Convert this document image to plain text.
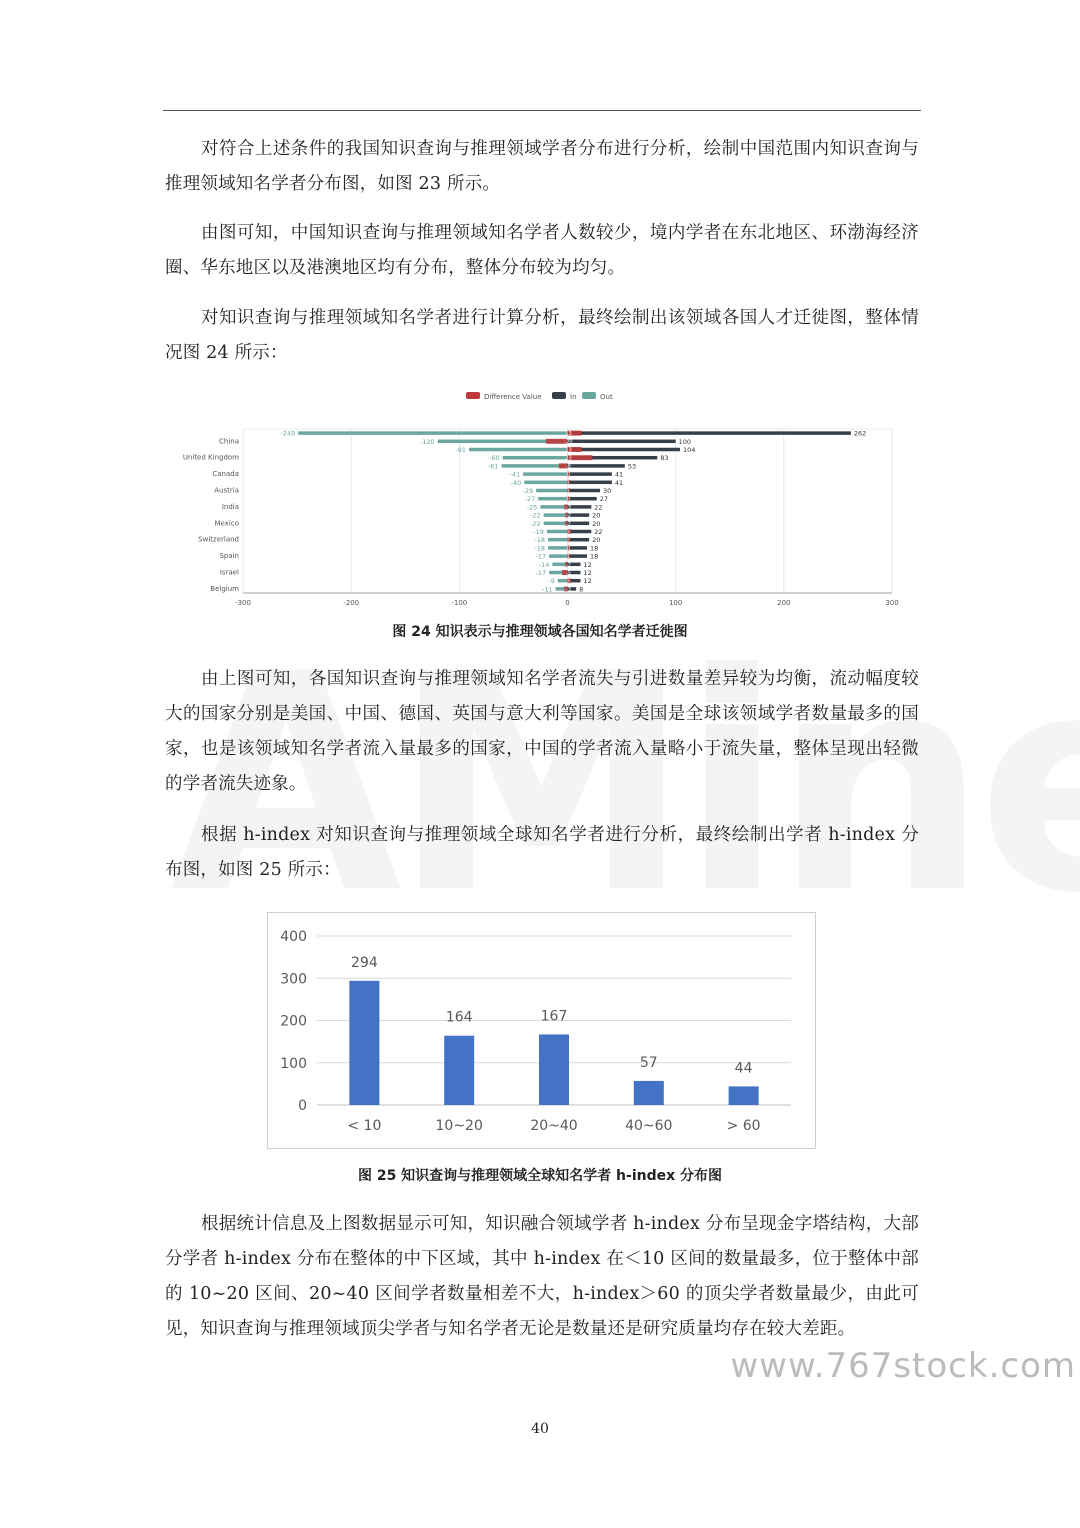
对符合上述条件的我国知识查询与推理领域学者分布进行分析，绘制中国范围内知识查询与推理领域知名学者分布图，如图 23 所示。

由图可知，中国知识查询与推理领域知名学者人数较少，境内学者在东北地区、环渤海经济圈、华东地区以及港澳地区均有分布，整体分布较为均匀。

对知识查询与推理领域知名学者进行计算分析，最终绘制出该领域各国人才迁徙图，整体情况图 24 所示：

Difference Value	In	Out
-300	-200	-100	0	100	200	300
262
-249	13
China	100
-120	-20
104
-91	13
United Kingdom	83
-60	23
53
-61	-8
Canada	41
-41	0
41
-40	1
Austria	30
-29	1
27
-27	0
India	22
-25	-3
20
-22	-2
Mexico	20
-22	-2
22
-19	3
Switzerland	20
-18	2
18
-18	0
Spain	18
-17	1
12
-14	-2
Israel	12
-17	-5
12
-9 3
Belgium	8
-11	-3
图 24 知识表示与推理领域各国知名学者迁徙图

由上图可知，各国知识查询与推理领域知名学者流失与引进数量差异较为均衡，流动幅度较大的国家分别是美国、中国、德国、英国与意大利等国家。美国是全球该领域学者数量最多的国家，也是该领域知名学者流入量最多的国家，中国的学者流入量略小于流失量，整体呈现出轻微的学者流失迹象。

根据 h-index 对知识查询与推理领域全球知名学者进行分析，最终绘制出学者 h-index 分布图，如图 25 所示：

0
100
200
300
400
294
< 10
164
10~20
167
20~40
57
40~60
44
> 60
图 25 知识查询与推理领域全球知名学者 h-index 分布图

根据统计信息及上图数据显示可知，知识融合领域学者 h-index 分布呈现金字塔结构，大部分学者 h-index 分布在整体的中下区域，其中 h-index 在＜10 区间的数量最多，位于整体中部的 10~20 区间、20~40 区间学者数量相差不大，h-index＞60 的顶尖学者数量最少，由此可见，知识查询与推理领域顶尖学者与知名学者无论是数量还是研究质量均存在较大差距。

www.767stock.com
40
